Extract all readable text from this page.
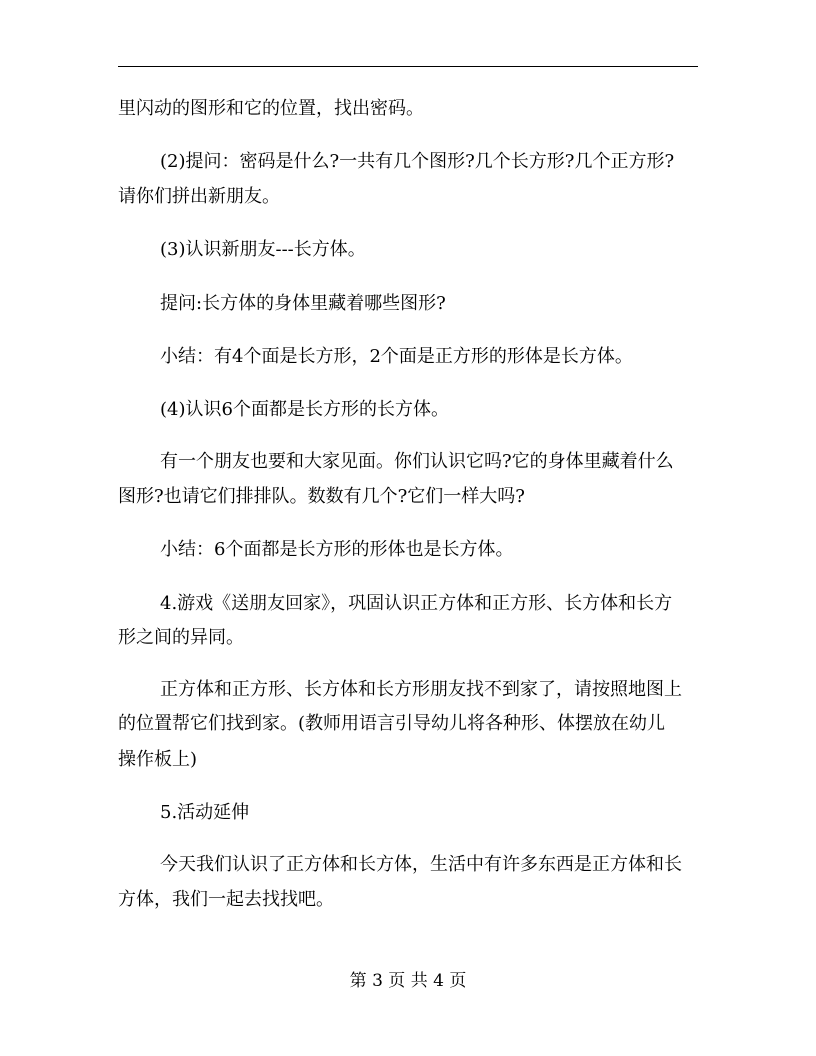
里闪动的图形和它的位置，找出密码。
(2)提问：密码是什么?一共有几个图形?几个长方形?几个正方形?
请你们拼出新朋友。
(3)认识新朋友---长方体。
提问:长方体的身体里藏着哪些图形?
小结：有4个面是长方形，2个面是正方形的形体是长方体。
(4)认识6个面都是长方形的长方体。
有一个朋友也要和大家见面。你们认识它吗?它的身体里藏着什么
图形?也请它们排排队。数数有几个?它们一样大吗?
小结：6个面都是长方形的形体也是长方体。
4.游戏《送朋友回家》，巩固认识正方体和正方形、长方体和长方
形之间的异同。
正方体和正方形、长方体和长方形朋友找不到家了，请按照地图上
的位置帮它们找到家。(教师用语言引导幼儿将各种形、体摆放在幼儿
操作板上)
5.活动延伸
今天我们认识了正方体和长方体，生活中有许多东西是正方体和长
方体，我们一起去找找吧。
第 3 页 共 4 页
